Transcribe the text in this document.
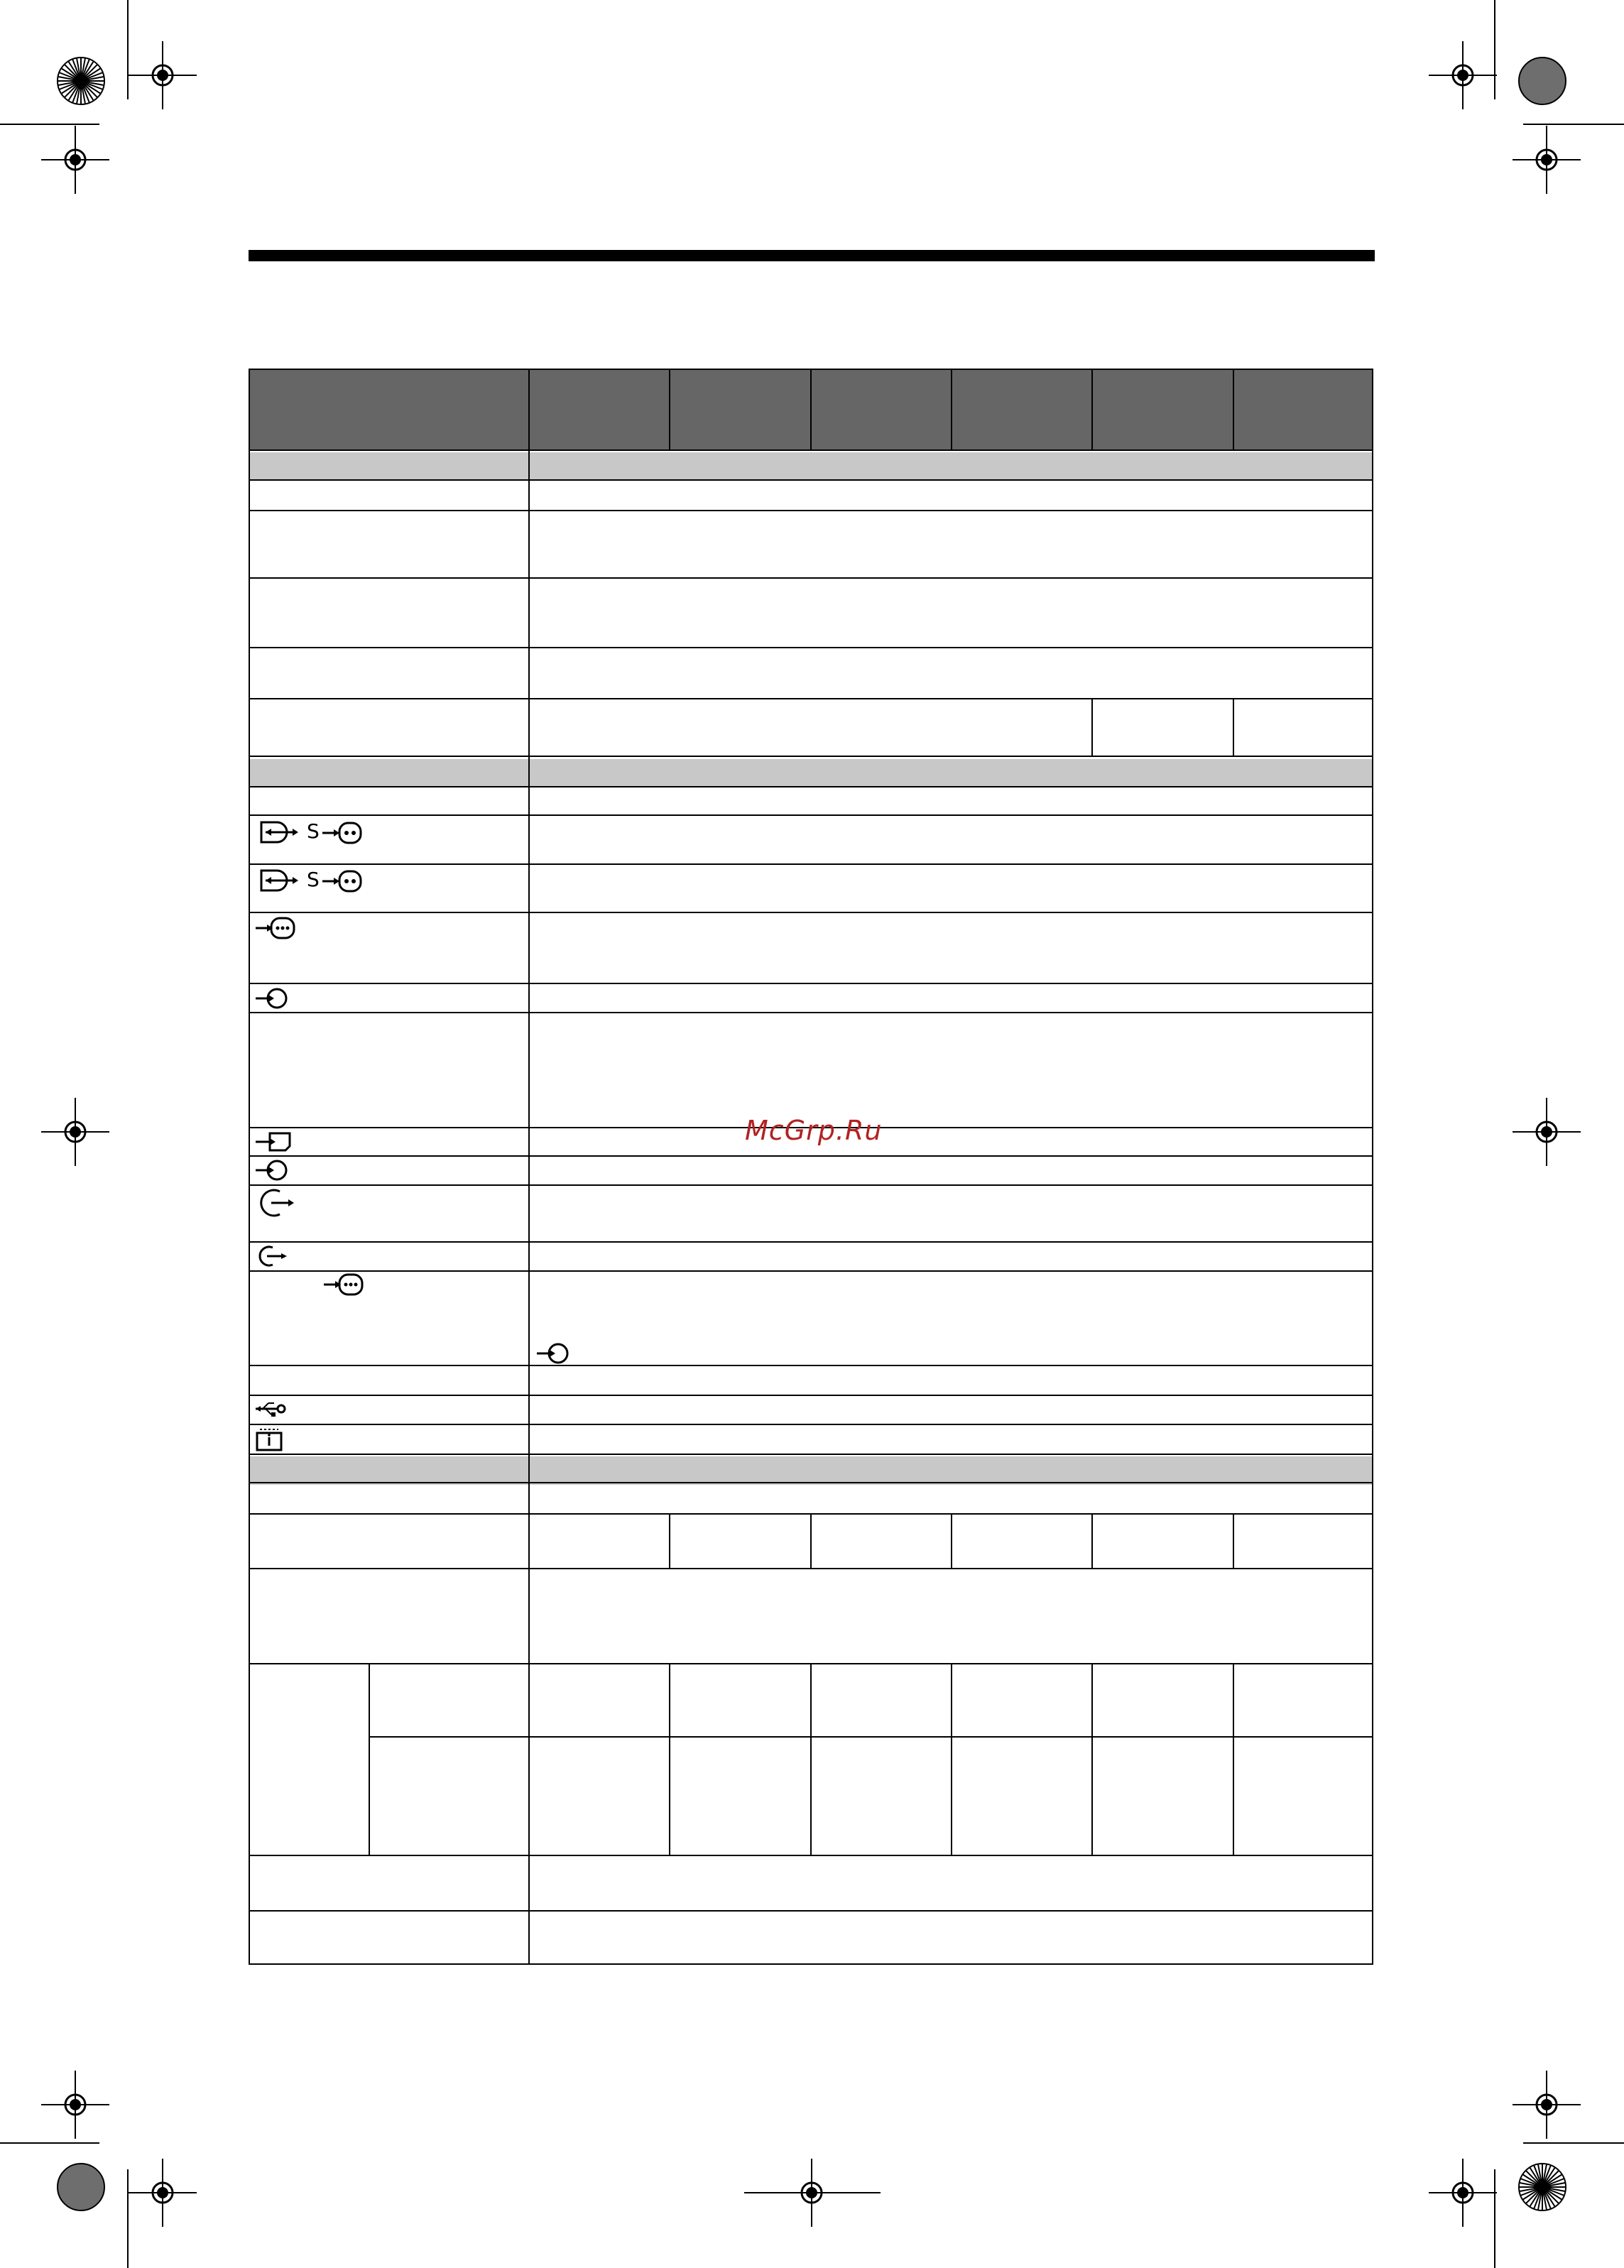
S
S
McGrp.Ru
